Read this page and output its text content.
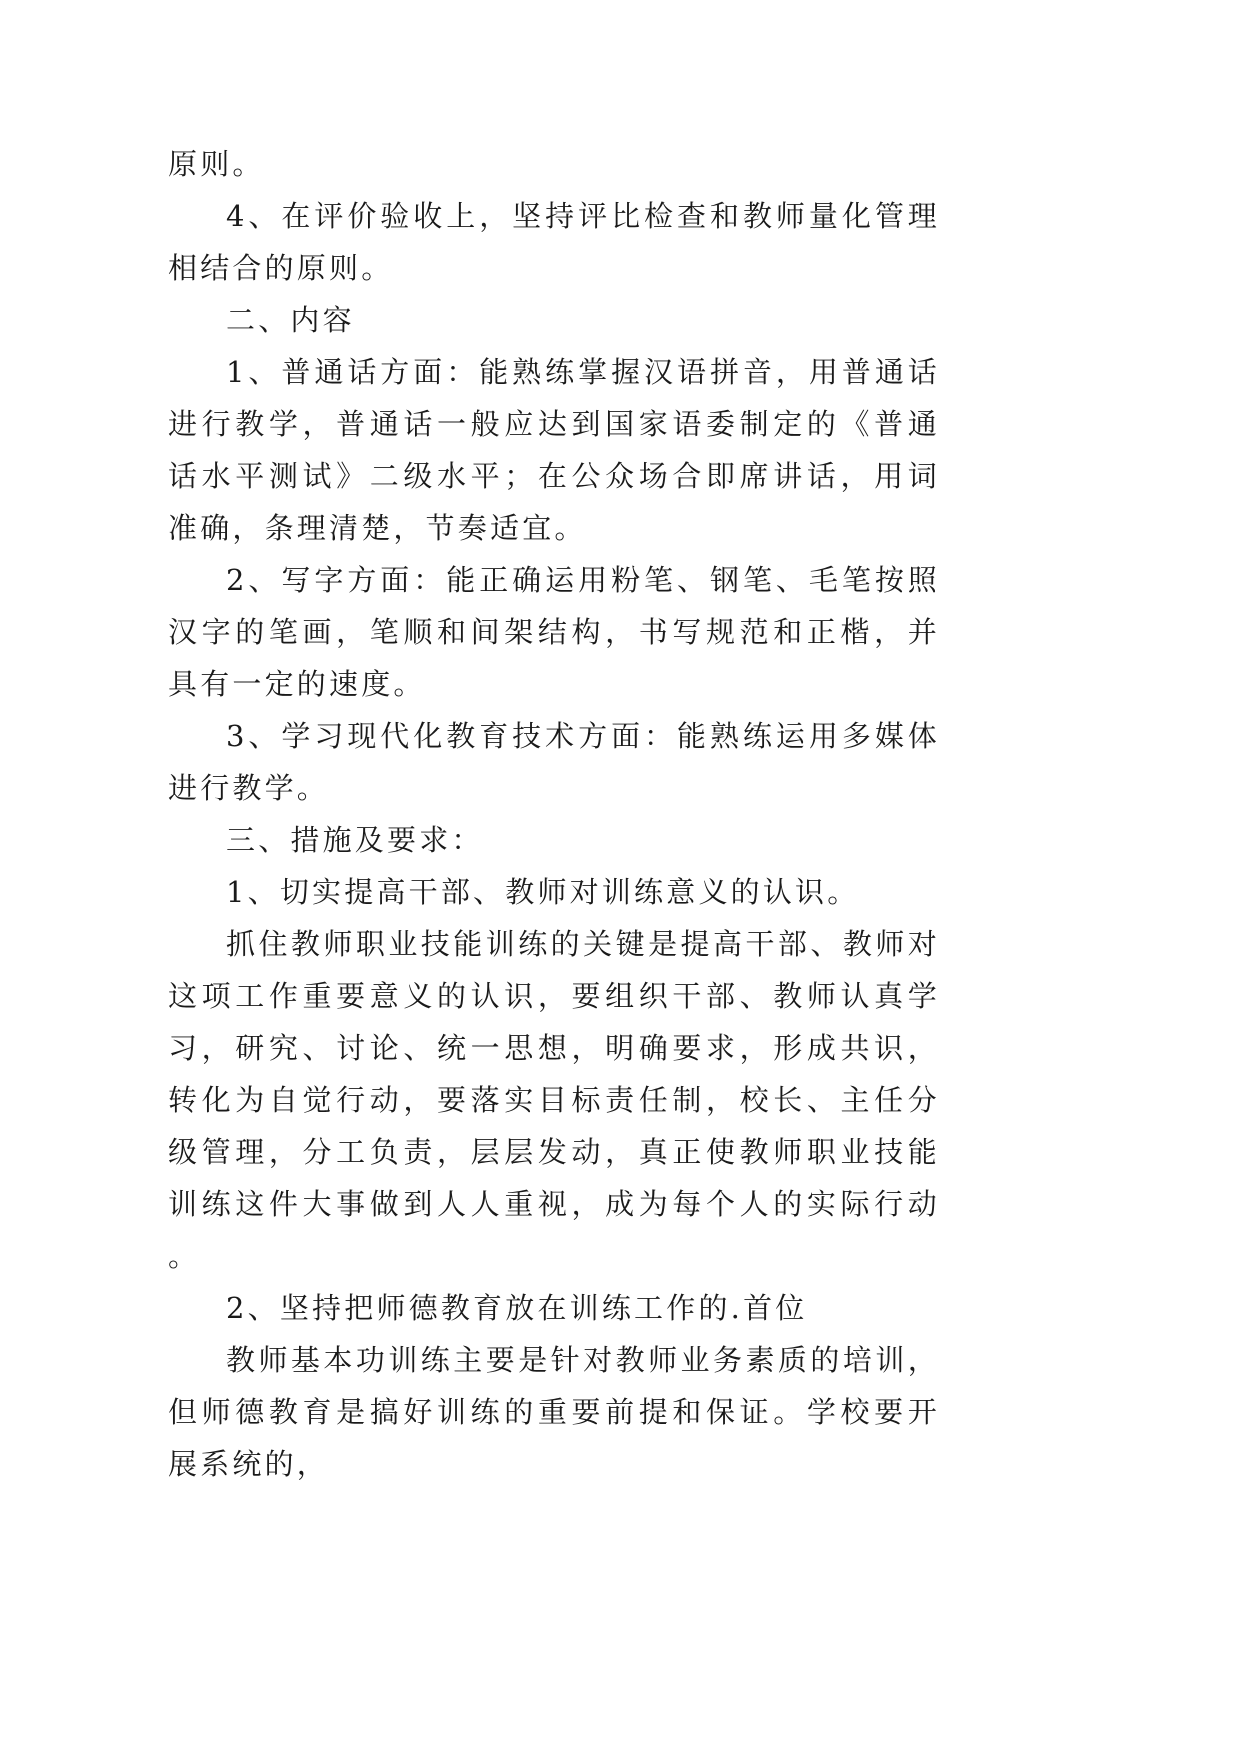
原则。

4、在评价验收上，坚持评比检查和教师量化管理相结合的原则。

二、内容

1、普通话方面：能熟练掌握汉语拼音，用普通话进行教学，普通话一般应达到国家语委制定的《普通话水平测试》二级水平；在公众场合即席讲话，用词准确，条理清楚，节奏适宜。

2、写字方面：能正确运用粉笔、钢笔、毛笔按照汉字的笔画，笔顺和间架结构，书写规范和正楷，并具有一定的速度。

3、学习现代化教育技术方面：能熟练运用多媒体进行教学。

三、措施及要求：

1、切实提高干部、教师对训练意义的认识。

抓住教师职业技能训练的关键是提高干部、教师对这项工作重要意义的认识，要组织干部、教师认真学习，研究、讨论、统一思想，明确要求，形成共识，转化为自觉行动，要落实目标责任制，校长、主任分级管理，分工负责，层层发动，真正使教师职业技能训练这件大事做到人人重视，成为每个人的实际行动。

2、坚持把师德教育放在训练工作的.首位

教师基本功训练主要是针对教师业务素质的培训，但师德教育是搞好训练的重要前提和保证。学校要开展系统的，
